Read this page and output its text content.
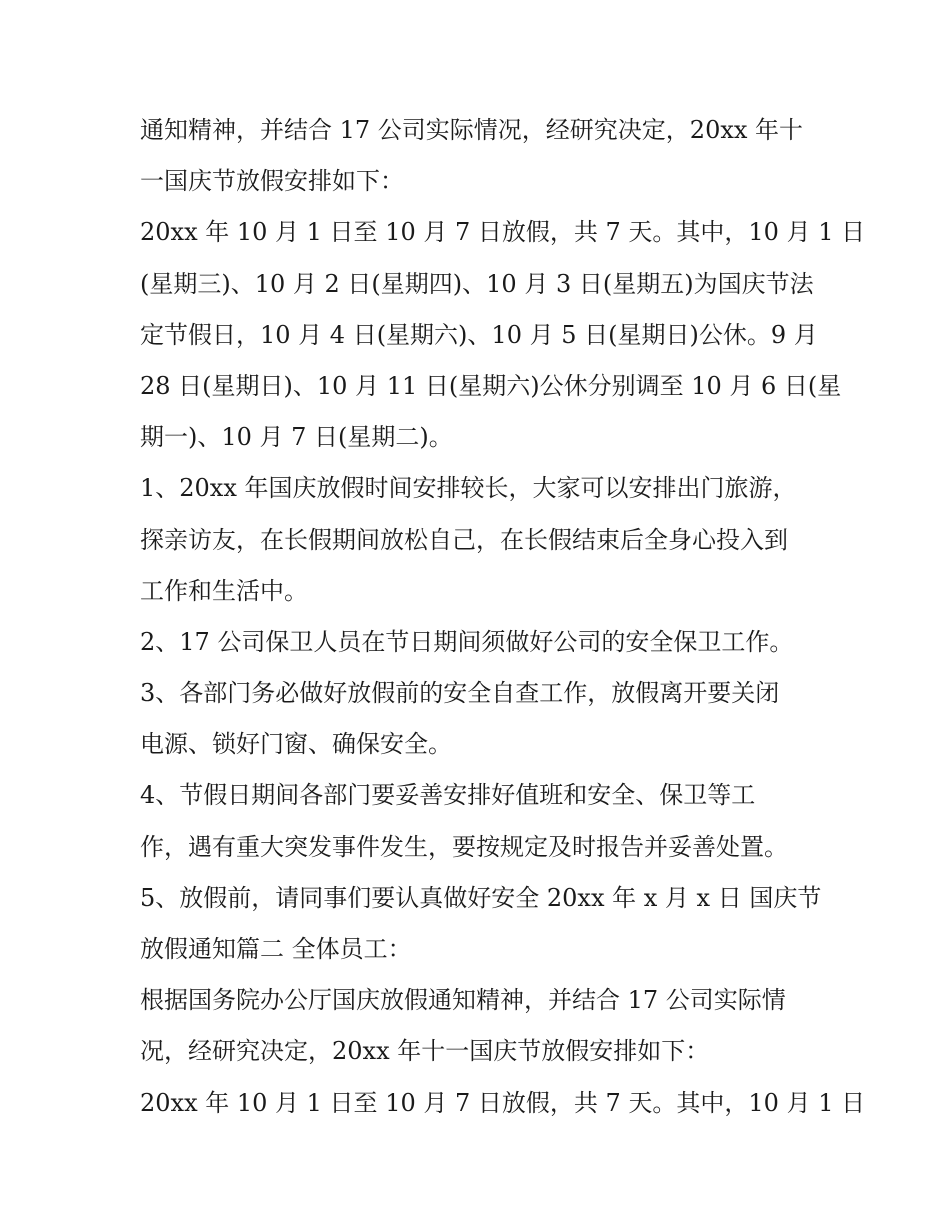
通知精神，并结合 17 公司实际情况，经研究决定，20xx 年十
一国庆节放假安排如下：
20xx 年 10 月 1 日至 10 月 7 日放假，共 7 天。其中，10 月 1 日
(星期三)、10 月 2 日(星期四)、10 月 3 日(星期五)为国庆节法
定节假日，10 月 4 日(星期六)、10 月 5 日(星期日)公休。9 月
28 日(星期日)、10 月 11 日(星期六)公休分别调至 10 月 6 日(星
期一)、10 月 7 日(星期二)。
1、20xx 年国庆放假时间安排较长，大家可以安排出门旅游，
探亲访友，在长假期间放松自己，在长假结束后全身心投入到
工作和生活中。
2、17 公司保卫人员在节日期间须做好公司的安全保卫工作。
3、各部门务必做好放假前的安全自查工作，放假离开要关闭
电源、锁好门窗、确保安全。
4、节假日期间各部门要妥善安排好值班和安全、保卫等工
作，遇有重大突发事件发生，要按规定及时报告并妥善处置。
5、放假前，请同事们要认真做好安全 20xx 年 x 月 x 日 国庆节
放假通知篇二 全体员工：
根据国务院办公厅国庆放假通知精神，并结合 17 公司实际情
况，经研究决定，20xx 年十一国庆节放假安排如下：
20xx 年 10 月 1 日至 10 月 7 日放假，共 7 天。其中，10 月 1 日
